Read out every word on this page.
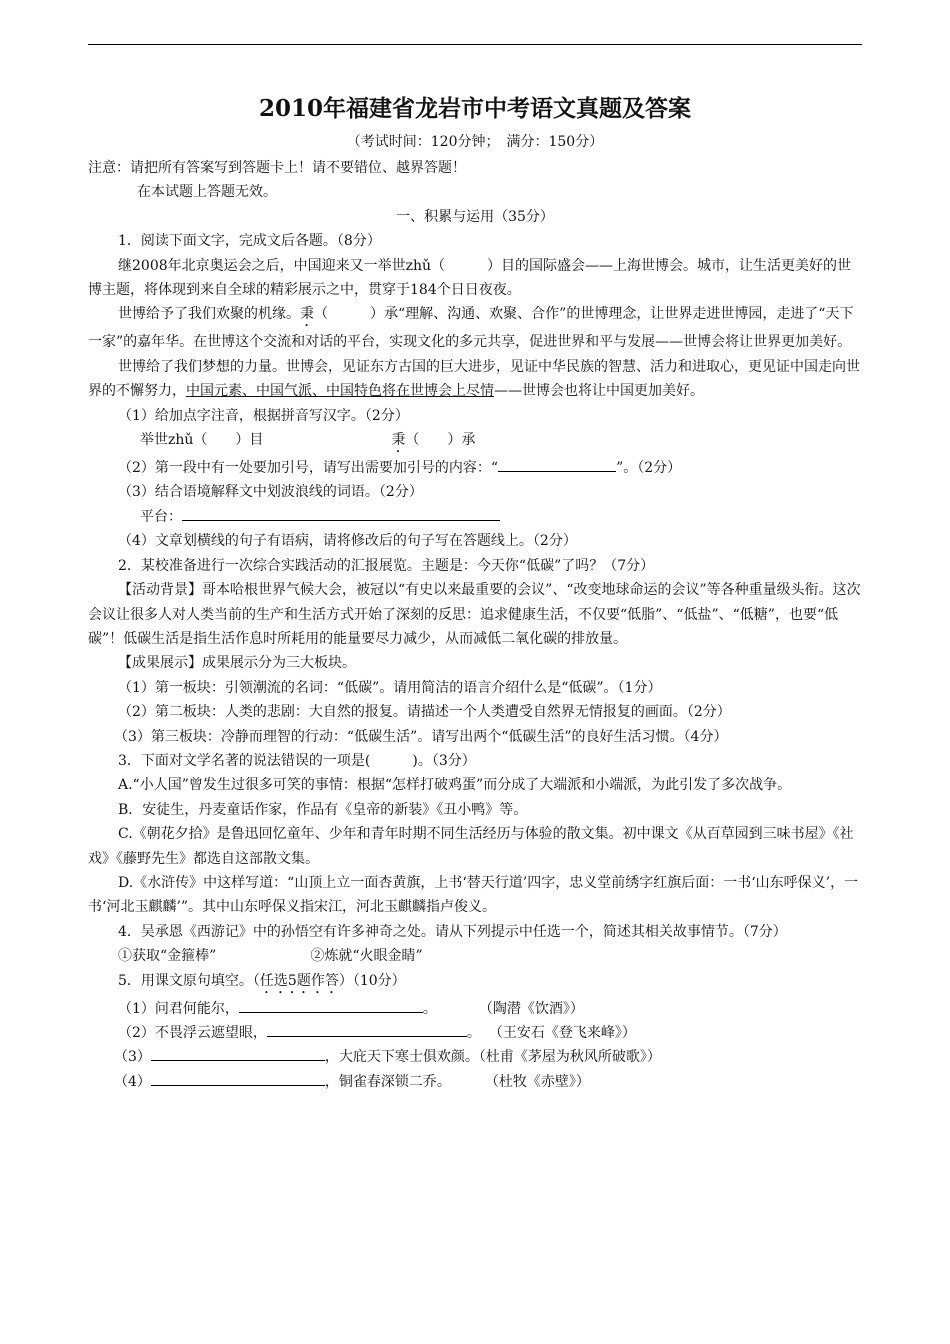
2010年福建省龙岩市中考语文真题及答案
（考试时间：120分钟；　满分：150分）

注意：请把所有答案写到答题卡上！请不要错位、越界答题！

在本试题上答题无效。

一、积累与运用（35分）

1．阅读下面文字，完成文后各题。（8分）

继2008年北京奥运会之后，中国迎来又一举世zhǔ（　　　）目的国际盛会——上海世博会。城市，让生活更美好的世博主题，将体现到来自全球的精彩展示之中，贯穿于184个日日夜夜。

世博给予了我们欢聚的机缘。秉（　　　）承“理解、沟通、欢聚、合作”的世博理念，让世界走进世博园，走进了“天下一家”的嘉年华。在世博这个交流和对话的平台，实现文化的多元共享，促进世界和平与发展——世博会将让世界更加美好。

世博给了我们梦想的力量。世博会，见证东方古国的巨大进步，见证中华民族的智慧、活力和进取心，更见证中国走向世界的不懈努力，中国元素、中国气派、中国特色将在世博会上尽情——世博会也将让中国更加美好。

（1）给加点字注音，根据拼音写汉字。（2分）

举世zhǔ（　　）目	秉（　　）承

（2）第一段中有一处要加引号，请写出需要加引号的内容：“	”。（2分）

（3）结合语境解释文中划波浪线的词语。（2分）

平台：

（4）文章划横线的句子有语病，请将修改后的句子写在答题线上。（2分）

2．某校准备进行一次综合实践活动的汇报展览。主题是：今天你“低碳”了吗？（7分）

【活动背景】哥本哈根世界气候大会，被冠以“有史以来最重要的会议”、“改变地球命运的会议”等各种重量级头衔。这次会议让很多人对人类当前的生产和生活方式开始了深刻的反思：追求健康生活，不仅要“低脂”、“低盐”、“低糖”，也要“低碳”！低碳生活是指生活作息时所耗用的能量要尽力减少，从而减低二氧化碳的排放量。

【成果展示】成果展示分为三大板块。

（1）第一板块：引领潮流的名词：“低碳”。请用简洁的语言介绍什么是“低碳”。（1分）

（2）第二板块：人类的悲剧：大自然的报复。请描述一个人类遭受自然界无情报复的画面。（2分）

（3）第三板块：冷静而理智的行动：“低碳生活”。请写出两个“低碳生活”的良好生活习惯。（4分）

3．下面对文学名著的说法错误的一项是(　　　)。（3分）

A.“小人国”曾发生过很多可笑的事情：根据“怎样打破鸡蛋”而分成了大端派和小端派，为此引发了多次战争。

B．安徒生，丹麦童话作家，作品有《皇帝的新装》《丑小鸭》等。

C.《朝花夕拾》是鲁迅回忆童年、少年和青年时期不同生活经历与体验的散文集。初中课文《从百草园到三味书屋》《社戏》《藤野先生》都选自这部散文集。

D.《水浒传》中这样写道：“山顶上立一面杏黄旗，上书‘替天行道’四字，忠义堂前绣字红旗后面：一书‘山东呼保义’，一书‘河北玉麒麟’”。其中山东呼保义指宋江，河北玉麒麟指卢俊义。

4．吴承恩《西游记》中的孙悟空有许多神奇之处。请从下列提示中任选一个，简述其相关故事情节。（7分）

①获取“金箍棒”	②炼就“火眼金睛”

5．用课文原句填空。（任选5题作答）（10分）

（1）问君何能尔，	。	（陶潜《饮酒》）

（2）不畏浮云遮望眼，	。 （王安石《登飞来峰》）

（3）	，大庇天下寒士俱欢颜。（杜甫《茅屋为秋风所破歌》）

（4）	，铜雀春深锁二乔。 （杜牧《赤壁》）
